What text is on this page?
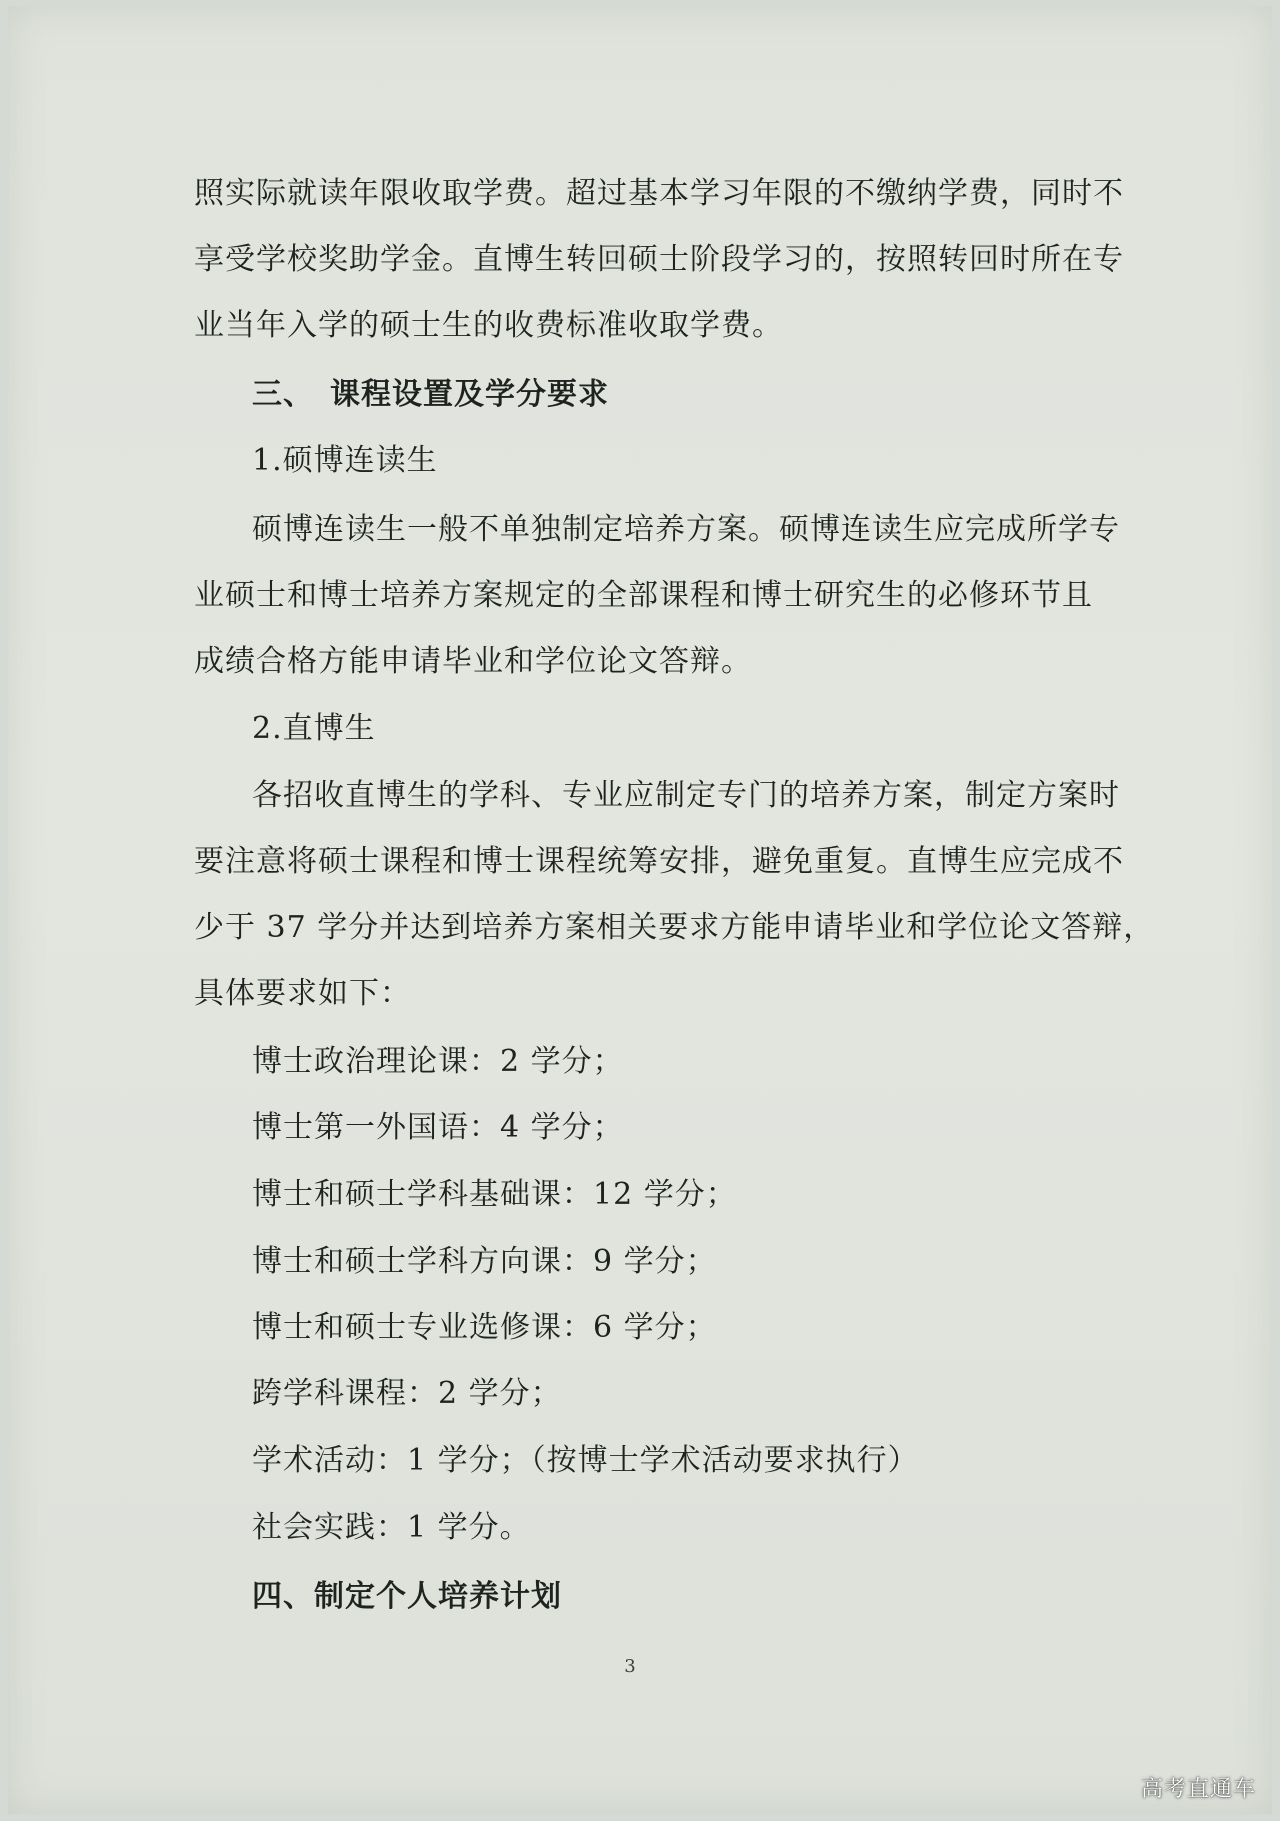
照实际就读年限收取学费。超过基本学习年限的不缴纳学费，同时不
享受学校奖助学金。直博生转回硕士阶段学习的，按照转回时所在专
业当年入学的硕士生的收费标准收取学费。
三、　课程设置及学分要求
1.硕博连读生
硕博连读生一般不单独制定培养方案。硕博连读生应完成所学专
业硕士和博士培养方案规定的全部课程和博士研究生的必修环节且
成绩合格方能申请毕业和学位论文答辩。
2.直博生
各招收直博生的学科、专业应制定专门的培养方案，制定方案时
要注意将硕士课程和博士课程统筹安排，避免重复。直博生应完成不
少于 37 学分并达到培养方案相关要求方能申请毕业和学位论文答辩，
具体要求如下：
博士政治理论课：2 学分；
博士第一外国语：4 学分；
博士和硕士学科基础课：12 学分；
博士和硕士学科方向课：9 学分；
博士和硕士专业选修课：6 学分；
跨学科课程：2 学分；
学术活动：1 学分；（按博士学术活动要求执行）
社会实践：1 学分。
四、制定个人培养计划
3
高考直通车
